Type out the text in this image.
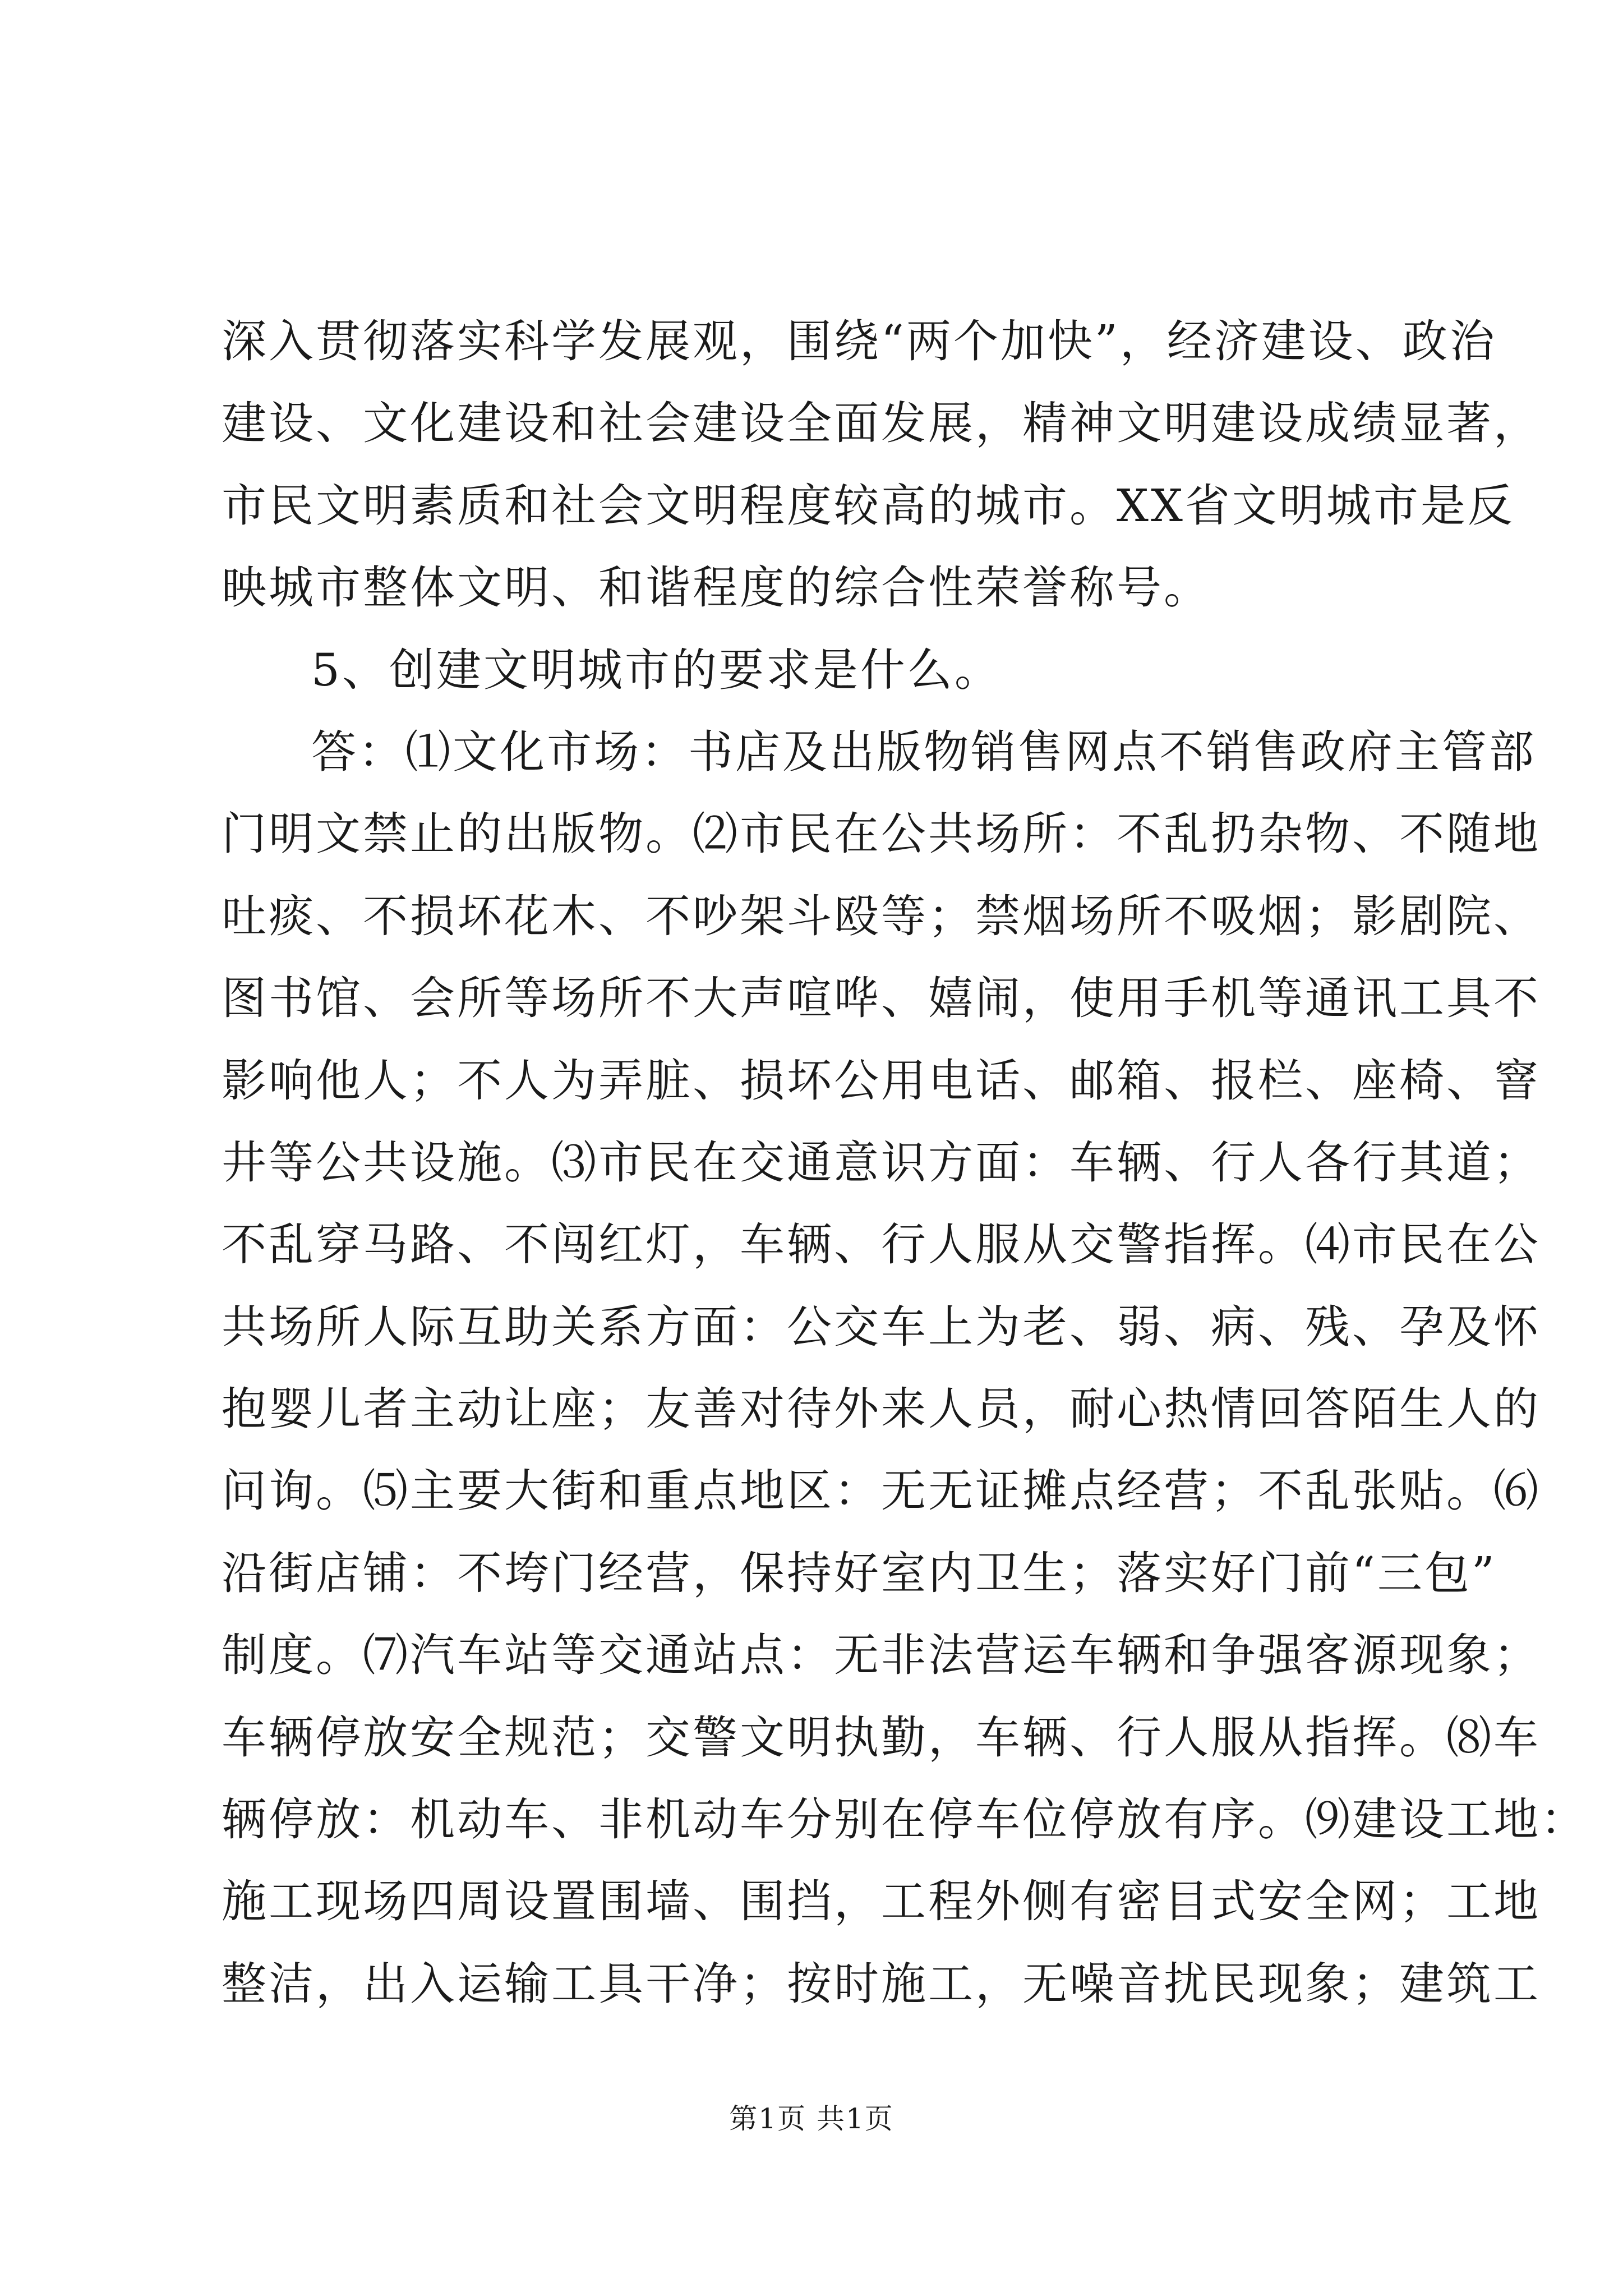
深入贯彻落实科学发展观，围绕“两个加快”，经济建设、政治
建设、文化建设和社会建设全面发展，精神文明建设成绩显著，
市民文明素质和社会文明程度较高的城市。XX省文明城市是反
映城市整体文明、和谐程度的综合性荣誉称号。
5、创建文明城市的要求是什么。
答：⑴文化市场：书店及出版物销售网点不销售政府主管部
门明文禁止的出版物。⑵市民在公共场所：不乱扔杂物、不随地
吐痰、不损坏花木、不吵架斗殴等；禁烟场所不吸烟；影剧院、
图书馆、会所等场所不大声喧哗、嬉闹，使用手机等通讯工具不
影响他人；不人为弄脏、损坏公用电话、邮箱、报栏、座椅、窨
井等公共设施。⑶市民在交通意识方面：车辆、行人各行其道；
不乱穿马路、不闯红灯，车辆、行人服从交警指挥。⑷市民在公
共场所人际互助关系方面：公交车上为老、弱、病、残、孕及怀
抱婴儿者主动让座；友善对待外来人员，耐心热情回答陌生人的
问询。⑸主要大街和重点地区：无无证摊点经营；不乱张贴。⑹
沿街店铺：不垮门经营，保持好室内卫生；落实好门前“三包”
制度。⑺汽车站等交通站点：无非法营运车辆和争强客源现象；
车辆停放安全规范；交警文明执勤，车辆、行人服从指挥。⑻车
辆停放：机动车、非机动车分别在停车位停放有序。⑼建设工地：
施工现场四周设置围墙、围挡，工程外侧有密目式安全网；工地
整洁，出入运输工具干净；按时施工，无噪音扰民现象；建筑工
第1页 共1页
